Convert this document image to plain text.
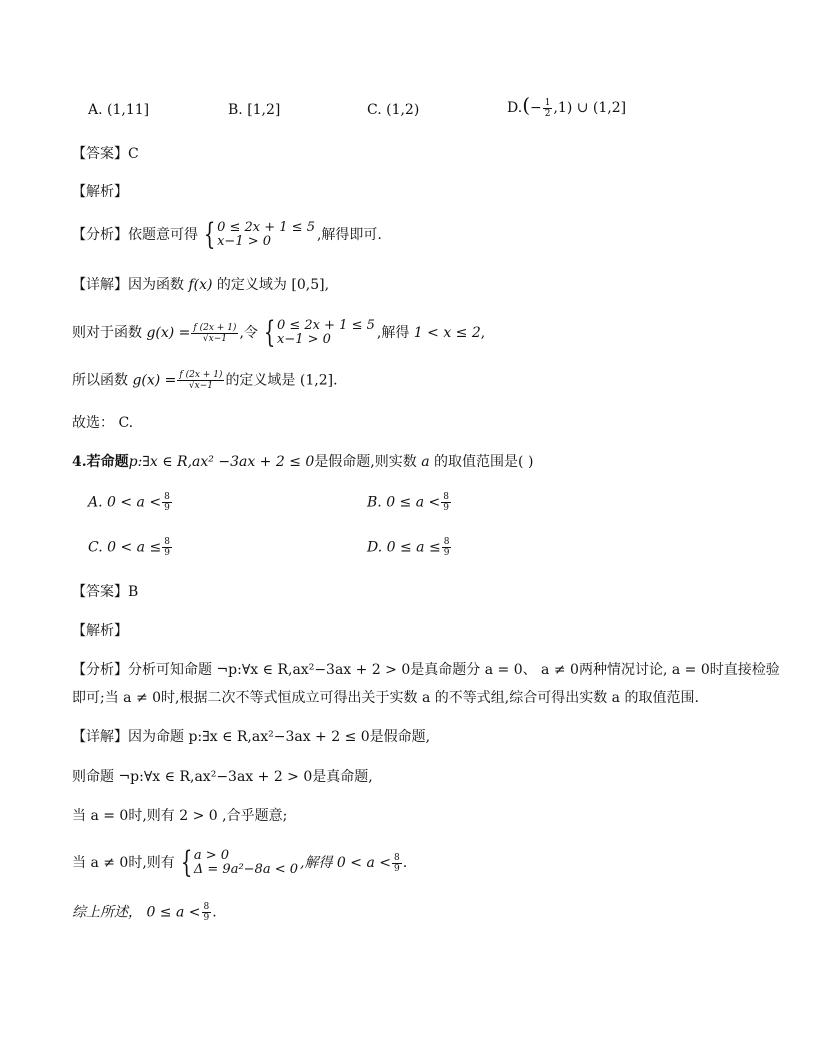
A. (1,11]	B. [1,2]	C. (1,2)	$D.(- \frac{1}{2} ,1)$ ∪ (1,2]
【答案】C
【解析】
【分析】依题意可得 { 0 ≤ 2x + 1 ≤ 5
x−1 > 0	,解得即可.
【详解】因为函数 f(x) 的定义域为 [0,5],
则对于函数 $g(x) = \frac{f (2x + 1)}{√x-1}$ ,令 { 0 ≤ 2x + 1 ≤ 5
x−1 > 0	,解得 1 < x ≤ 2,
所以函数 $g(x) = \frac{f (2x + 1)}{√x-1}$ 的定义域是 (1,2].
故选： C.
4.若命题p:∃x ∈ R,ax² −3ax + 2 ≤ 0是假命题,则实数 a 的取值范围是( )
A. $0 < a < \frac{8}{9}$	B. $0 \le a < \frac{8}{9}$
C. $0 < a \le \frac{8}{9}$	D. $0 \le a \le \frac{8}{9}$
【答案】B
【解析】
【分析】分析可知命题 ¬p:∀x ∈ R,ax²−3ax + 2 > 0是真命题分 a = 0、 a ≠ 0两种情况讨论, a = 0时直接检验
即可;当 a ≠ 0时,根据二次不等式恒成立可得出关于实数 a 的不等式组,综合可得出实数 a 的取值范围.
【详解】因为命题 p:∃x ∈ R,ax²−3ax + 2 ≤ 0是假命题,
则命题 ¬p:∀x ∈ R,ax²−3ax + 2 > 0是真命题,
当 a = 0时,则有 2 > 0 ,合乎题意;
当 a ≠ 0时,则有 { a > 0
Δ = 9a²−8a < 0 ,解得 $0 < a < \frac{8}{9}$ .
综上所述， $0 \le a < \frac{8}{9}$ .
